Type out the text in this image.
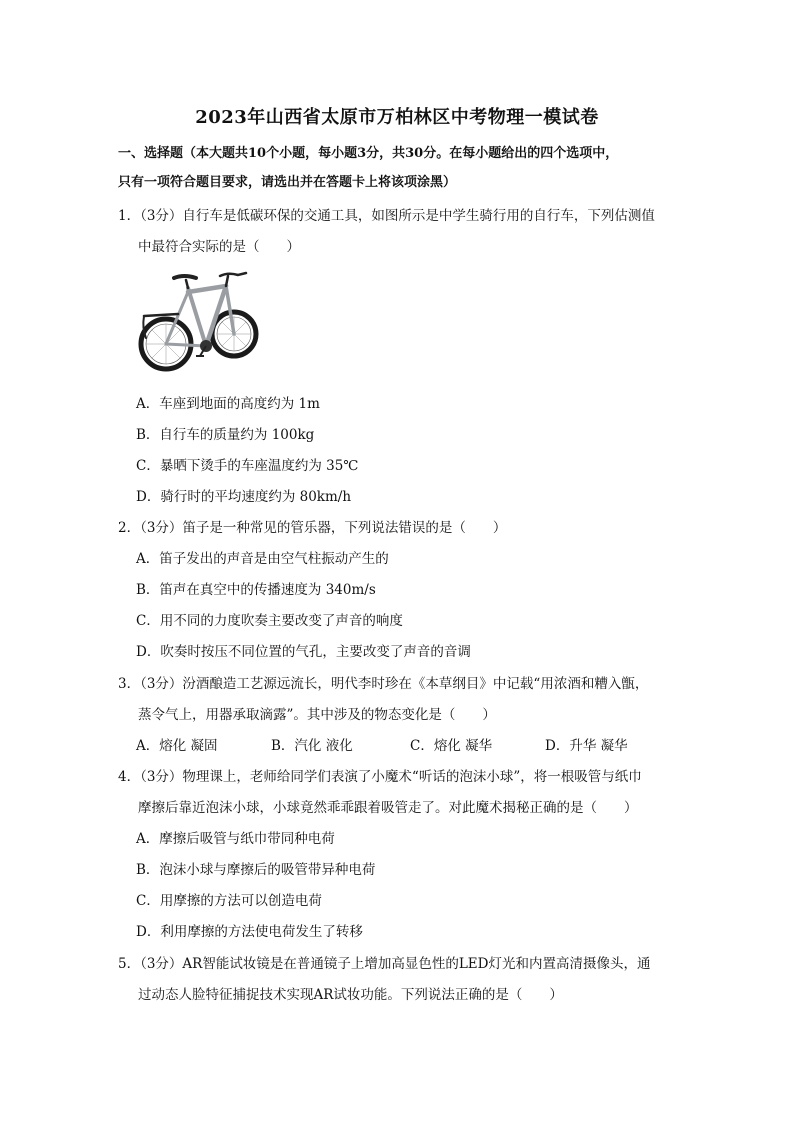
2023年山西省太原市万柏林区中考物理一模试卷
一、选择题（本大题共10个小题，每小题3分，共30分。在每小题给出的四个选项中，
只有一项符合题目要求，请选出并在答题卡上将该项涂黑）
1．（3分）自行车是低碳环保的交通工具，如图所示是中学生骑行用的自行车，下列估测值
中最符合实际的是（　　）
A．车座到地面的高度约为 1m
B．自行车的质量约为 100kg
C．暴晒下烫手的车座温度约为 35℃
D．骑行时的平均速度约为 80km/h
2．（3分）笛子是一种常见的管乐器，下列说法错误的是（　　）
A．笛子发出的声音是由空气柱振动产生的
B．笛声在真空中的传播速度为 340m/s
C．用不同的力度吹奏主要改变了声音的响度
D．吹奏时按压不同位置的气孔，主要改变了声音的音调
3．（3分）汾酒酿造工艺源远流长，明代李时珍在《本草纲目》中记载“用浓酒和糟入甑，
蒸令气上，用器承取滴露”。其中涉及的物态变化是（　　）
A．熔化 凝固	B．汽化 液化	C．熔化 凝华	D．升华 凝华
4．（3分）物理课上，老师给同学们表演了小魔术“听话的泡沫小球”，将一根吸管与纸巾
摩擦后靠近泡沫小球，小球竟然乖乖跟着吸管走了。对此魔术揭秘正确的是（　　）
A．摩擦后吸管与纸巾带同种电荷
B．泡沫小球与摩擦后的吸管带异种电荷
C．用摩擦的方法可以创造电荷
D．利用摩擦的方法使电荷发生了转移
5．（3分）AR智能试妆镜是在普通镜子上增加高显色性的LED灯光和内置高清摄像头，通
过动态人脸特征捕捉技术实现AR试妆功能。下列说法正确的是（　　）
